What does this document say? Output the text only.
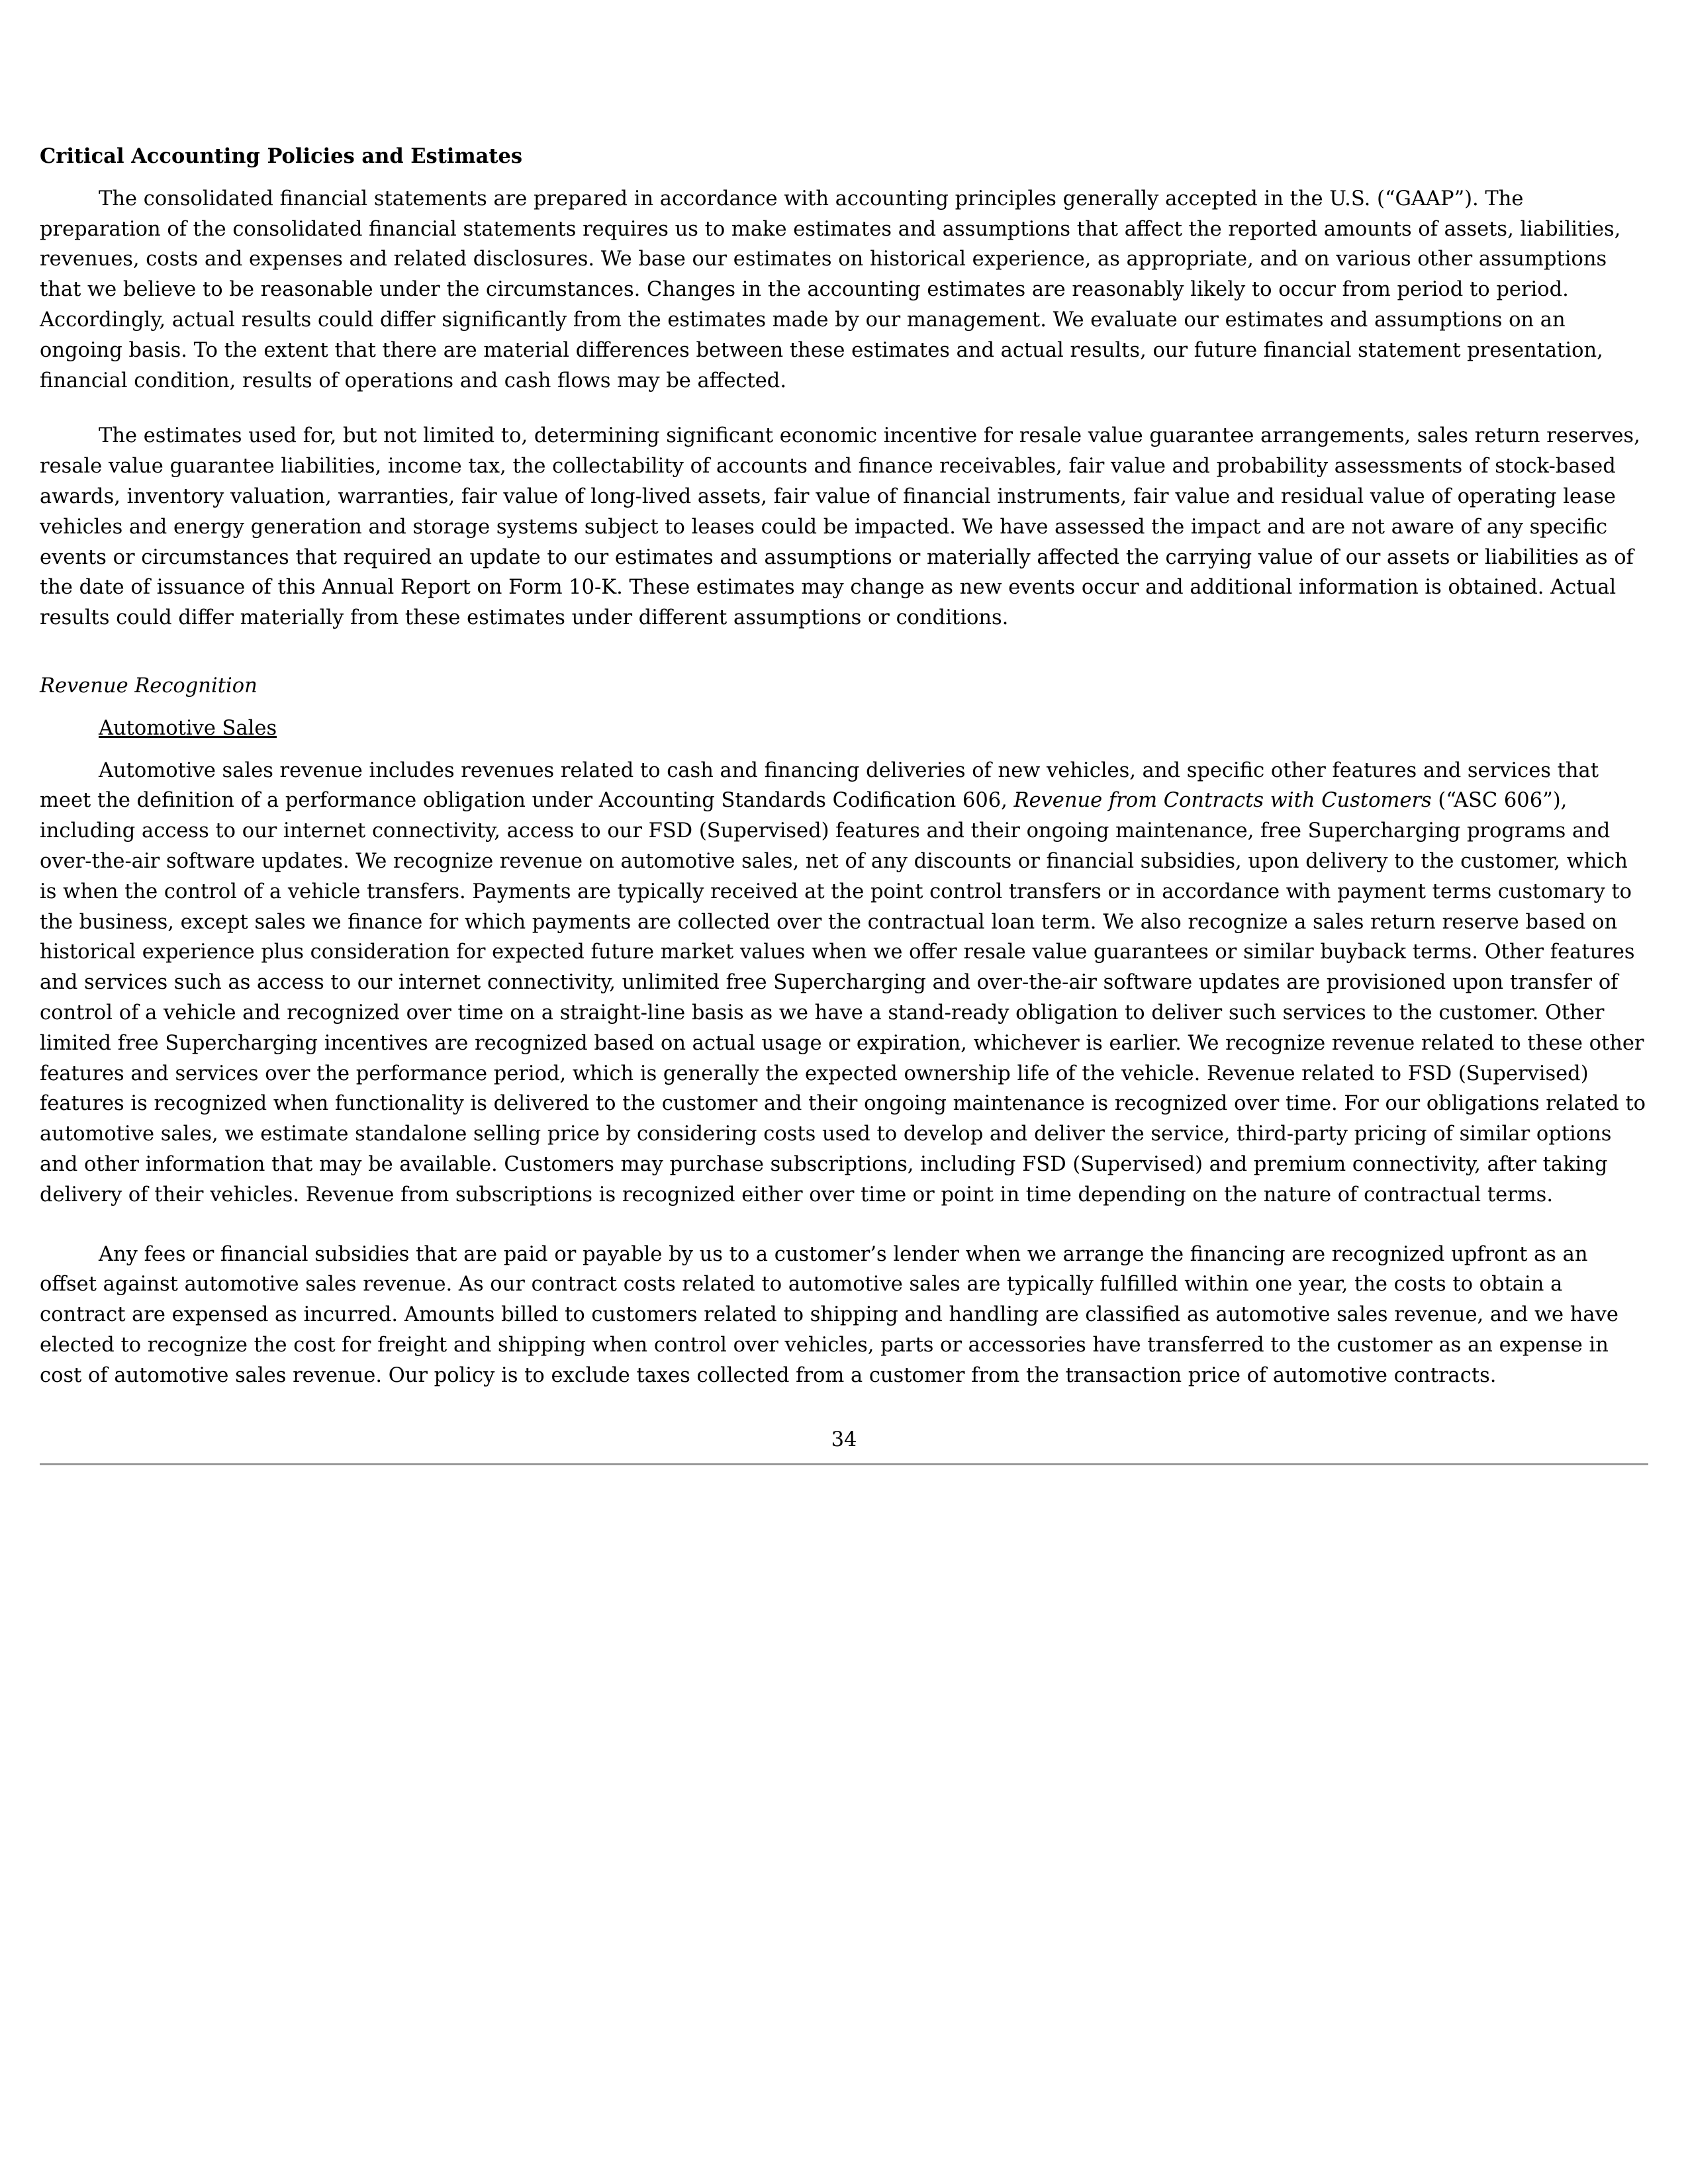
Critical Accounting Policies and Estimates

The consolidated financial statements are prepared in accordance with accounting principles generally accepted in the U.S. (“GAAP”). The preparation of the consolidated financial statements requires us to make estimates and assumptions that affect the reported amounts of assets, liabilities, revenues, costs and expenses and related disclosures. We base our estimates on historical experience, as appropriate, and on various other assumptions that we believe to be reasonable under the circumstances. Changes in the accounting estimates are reasonably likely to occur from period to period. Accordingly, actual results could differ significantly from the estimates made by our management. We evaluate our estimates and assumptions on an ongoing basis. To the extent that there are material differences between these estimates and actual results, our future financial statement presentation, financial condition, results of operations and cash flows may be affected.

The estimates used for, but not limited to, determining significant economic incentive for resale value guarantee arrangements, sales return reserves, resale value guarantee liabilities, income tax, the collectability of accounts and finance receivables, fair value and probability assessments of stock-based awards, inventory valuation, warranties, fair value of long-lived assets, fair value of financial instruments, fair value and residual value of operating lease vehicles and energy generation and storage systems subject to leases could be impacted. We have assessed the impact and are not aware of any specific events or circumstances that required an update to our estimates and assumptions or materially affected the carrying value of our assets or liabilities as of the date of issuance of this Annual Report on Form 10-K. These estimates may change as new events occur and additional information is obtained. Actual results could differ materially from these estimates under different assumptions or conditions.

Revenue Recognition
Automotive Sales

Automotive sales revenue includes revenues related to cash and financing deliveries of new vehicles, and specific other features and services that meet the definition of a performance obligation under Accounting Standards Codification 606, Revenue from Contracts with Customers (“ASC 606”), including access to our internet connectivity, access to our FSD (Supervised) features and their ongoing maintenance, free Supercharging programs and over-the-air software updates. We recognize revenue on automotive sales, net of any discounts or financial subsidies, upon delivery to the customer, which is when the control of a vehicle transfers. Payments are typically received at the point control transfers or in accordance with payment terms customary to the business, except sales we finance for which payments are collected over the contractual loan term. We also recognize a sales return reserve based on historical experience plus consideration for expected future market values when we offer resale value guarantees or similar buyback terms. Other features and services such as access to our internet connectivity, unlimited free Supercharging and over-the-air software updates are provisioned upon transfer of control of a vehicle and recognized over time on a straight-line basis as we have a stand-ready obligation to deliver such services to the customer. Other limited free Supercharging incentives are recognized based on actual usage or expiration, whichever is earlier. We recognize revenue related to these other features and services over the performance period, which is generally the expected ownership life of the vehicle. Revenue related to FSD (Supervised) features is recognized when functionality is delivered to the customer and their ongoing maintenance is recognized over time. For our obligations related to automotive sales, we estimate standalone selling price by considering costs used to develop and deliver the service, third-party pricing of similar options and other information that may be available. Customers may purchase subscriptions, including FSD (Supervised) and premium connectivity, after taking delivery of their vehicles. Revenue from subscriptions is recognized either over time or point in time depending on the nature of contractual terms.

Any fees or financial subsidies that are paid or payable by us to a customer’s lender when we arrange the financing are recognized upfront as an offset against automotive sales revenue. As our contract costs related to automotive sales are typically fulfilled within one year, the costs to obtain a contract are expensed as incurred. Amounts billed to customers related to shipping and handling are classified as automotive sales revenue, and we have elected to recognize the cost for freight and shipping when control over vehicles, parts or accessories have transferred to the customer as an expense in cost of automotive sales revenue. Our policy is to exclude taxes collected from a customer from the transaction price of automotive contracts.

34
